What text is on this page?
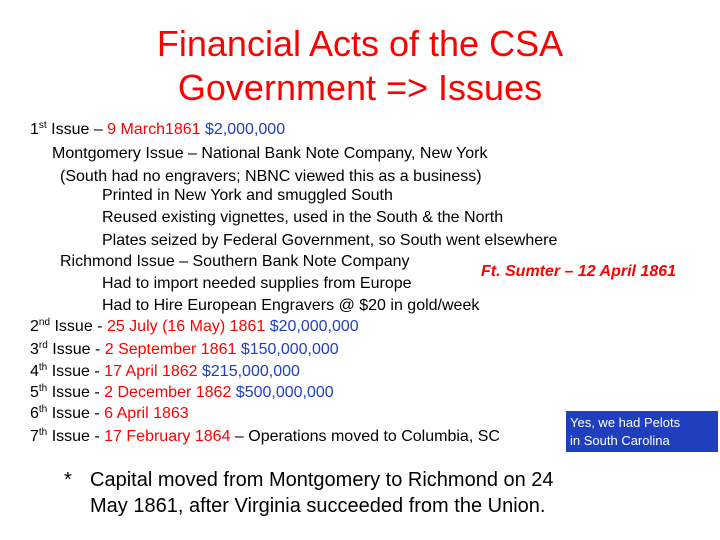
Financial Acts of the CSA
Government => Issues
1st Issue – 9 March1861 $2,000,000
Montgomery Issue – National Bank Note Company, New York
(South had no engravers; NBNC viewed this as a business)
Printed in New York and smuggled South
Reused existing vignettes, used in the South & the North
Plates seized by Federal Government, so South went elsewhere
Richmond Issue – Southern Bank Note Company
Had to import needed supplies from Europe
Ft. Sumter – 12 April 1861
Had to Hire European Engravers @ $20 in gold/week
2nd Issue - 25 July (16 May) 1861 $20,000,000
3rd Issue - 2 September 1861 $150,000,000
4th Issue - 17 April 1862 $215,000,000
5th Issue - 2 December 1862 $500,000,000
6th Issue - 6 April 1863
7th Issue - 17 February 1864 – Operations moved to Columbia, SC
Yes, we had Pelots
in South Carolina
* Capital moved from Montgomery to Richmond on 24
May 1861, after Virginia succeeded from the Union.
